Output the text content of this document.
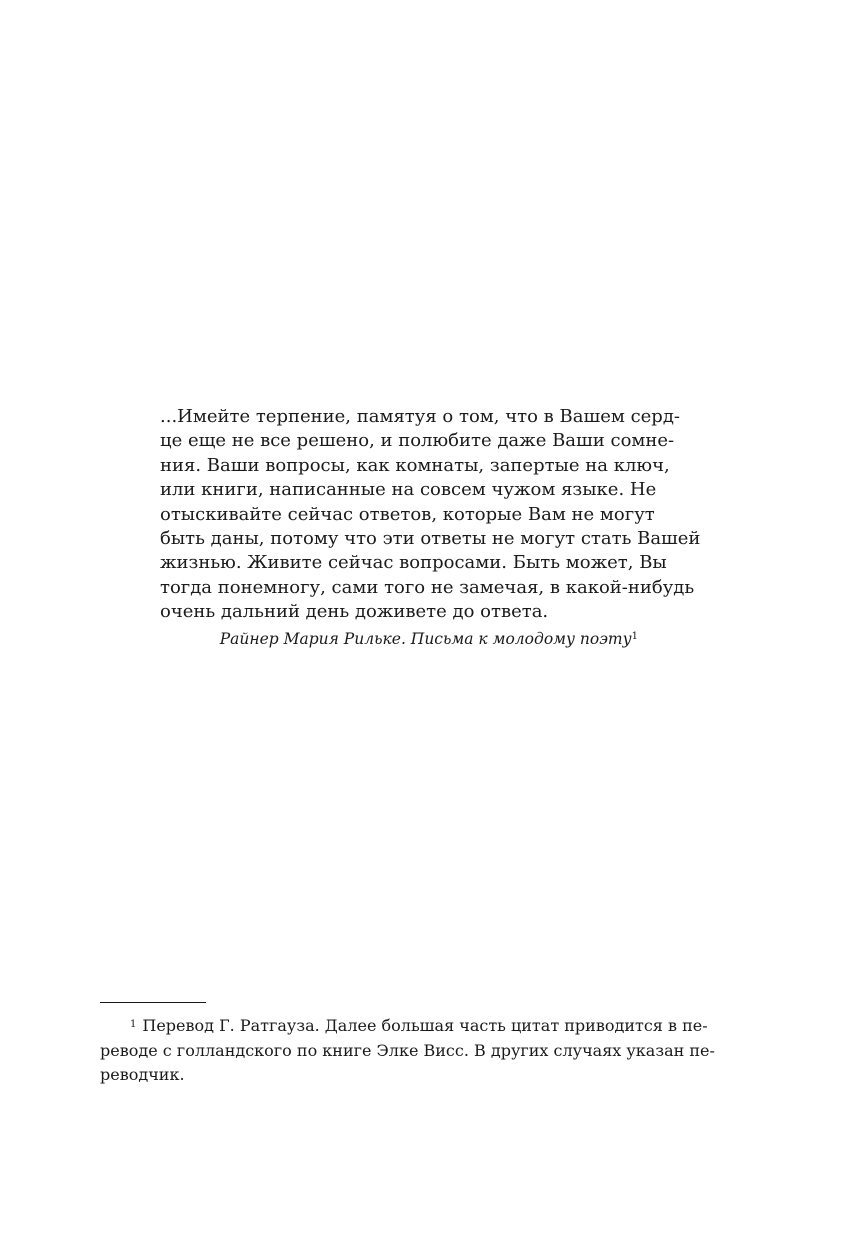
...Имейте терпение, памятуя о том, что в Вашем серд-
це еще не все решено, и полюбите даже Ваши сомне-
ния. Ваши вопросы, как комнаты, запертые на ключ,
или книги, написанные на совсем чужом языке. Не
отыскивайте сейчас ответов, которые Вам не могут
быть даны, потому что эти ответы не могут стать Вашей
жизнью. Живите сейчас вопросами. Быть может, Вы
тогда понемногу, сами того не замечая, в какой-нибудь
очень дальний день доживете до ответа.
Райнер Мария Рильке. Письма к молодому поэту$^1$
$^1$ Перевод Г. Ратгауза. Далее большая часть цитат приводится в пе-
реводе с голландского по книге Элке Висс. В других случаях указан пе-
реводчик.
